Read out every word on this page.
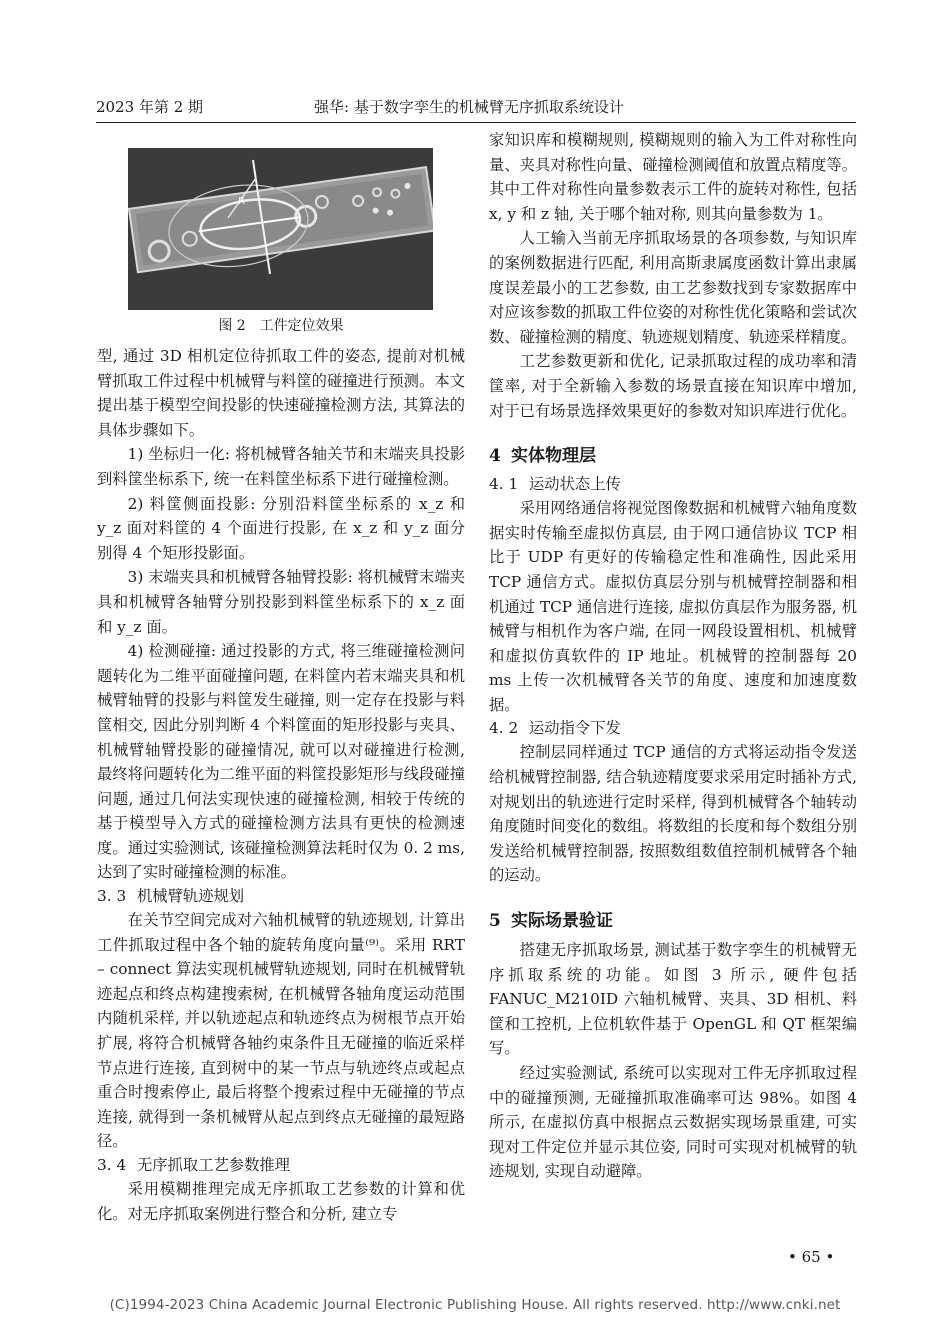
2023 年第 2 期	强华: 基于数字孪生的机械臂无序抓取系统设计
R
图 2　工件定位效果

型, 通过 3D 相机定位待抓取工件的姿态, 提前对机械臂抓取工件过程中机械臂与料筐的碰撞进行预测。本文提出基于模型空间投影的快速碰撞检测方法, 其算法的具体步骤如下。

1) 坐标归一化: 将机械臂各轴关节和末端夹具投影到料筐坐标系下, 统一在料筐坐标系下进行碰撞检测。

2) 料筐侧面投影: 分别沿料筐坐标系的 x_z 和 y_z 面对料筐的 4 个面进行投影, 在 x_z 和 y_z 面分别得 4 个矩形投影面。

3) 末端夹具和机械臂各轴臂投影: 将机械臂末端夹具和机械臂各轴臂分别投影到料筐坐标系下的 x_z 面和 y_z 面。

4) 检测碰撞: 通过投影的方式, 将三维碰撞检测问题转化为二维平面碰撞问题, 在料筐内若末端夹具和机械臂轴臂的投影与料筐发生碰撞, 则一定存在投影与料筐相交, 因此分别判断 4 个料筐面的矩形投影与夹具、机械臂轴臂投影的碰撞情况, 就可以对碰撞进行检测, 最终将问题转化为二维平面的料筐投影矩形与线段碰撞问题, 通过几何法实现快速的碰撞检测, 相较于传统的基于模型导入方式的碰撞检测方法具有更快的检测速度。通过实验测试, 该碰撞检测算法耗时仅为 0. 2 ms, 达到了实时碰撞检测的标准。

3. 3 机械臂轨迹规划

在关节空间完成对六轴机械臂的轨迹规划, 计算出工件抓取过程中各个轴的旋转角度向量⁽⁹⁾。采用 RRT – connect 算法实现机械臂轨迹规划, 同时在机械臂轨迹起点和终点构建搜索树, 在机械臂各轴角度运动范围内随机采样, 并以轨迹起点和轨迹终点为树根节点开始扩展, 将符合机械臂各轴约束条件且无碰撞的临近采样节点进行连接, 直到树中的某一节点与轨迹终点或起点重合时搜索停止, 最后将整个搜索过程中无碰撞的节点连接, 就得到一条机械臂从起点到终点无碰撞的最短路径。

3. 4 无序抓取工艺参数推理

采用模糊推理完成无序抓取工艺参数的计算和优化。对无序抓取案例进行整合和分析, 建立专

家知识库和模糊规则, 模糊规则的输入为工件对称性向量、夹具对称性向量、碰撞检测阈值和放置点精度等。其中工件对称性向量参数表示工件的旋转对称性, 包括 x, y 和 z 轴, 关于哪个轴对称, 则其向量参数为 1。

人工输入当前无序抓取场景的各项参数, 与知识库的案例数据进行匹配, 利用高斯隶属度函数计算出隶属度误差最小的工艺参数, 由工艺参数找到专家数据库中对应该参数的抓取工件位姿的对称性优化策略和尝试次数、碰撞检测的精度、轨迹规划精度、轨迹采样精度。

工艺参数更新和优化, 记录抓取过程的成功率和清筐率, 对于全新输入参数的场景直接在知识库中增加, 对于已有场景选择效果更好的参数对知识库进行优化。

4 实体物理层
4. 1 运动状态上传

采用网络通信将视觉图像数据和机械臂六轴角度数据实时传输至虚拟仿真层, 由于网口通信协议 TCP 相比于 UDP 有更好的传输稳定性和准确性, 因此采用 TCP 通信方式。虚拟仿真层分别与机械臂控制器和相机通过 TCP 通信进行连接, 虚拟仿真层作为服务器, 机械臂与相机作为客户端, 在同一网段设置相机、机械臂和虚拟仿真软件的 IP 地址。机械臂的控制器每 20 ms 上传一次机械臂各关节的角度、速度和加速度数据。

4. 2 运动指令下发

控制层同样通过 TCP 通信的方式将运动指令发送给机械臂控制器, 结合轨迹精度要求采用定时插补方式, 对规划出的轨迹进行定时采样, 得到机械臂各个轴转动角度随时间变化的数组。将数组的长度和每个数组分别发送给机械臂控制器, 按照数组数值控制机械臂各个轴的运动。

5 实际场景验证

搭建无序抓取场景, 测试基于数字孪生的机械臂无序抓取系统的功能。如图 3 所示, 硬件包括 FANUC_M210ID 六轴机械臂、夹具、3D 相机、料筐和工控机, 上位机软件基于 OpenGL 和 QT 框架编写。

经过实验测试, 系统可以实现对工件无序抓取过程中的碰撞预测, 无碰撞抓取准确率可达 98%。如图 4 所示, 在虚拟仿真中根据点云数据实现场景重建, 可实现对工件定位并显示其位姿, 同时可实现对机械臂的轨迹规划, 实现自动避障。

• 65 •
(C)1994-2023 China Academic Journal Electronic Publishing House. All rights reserved. http://www.cnki.net
